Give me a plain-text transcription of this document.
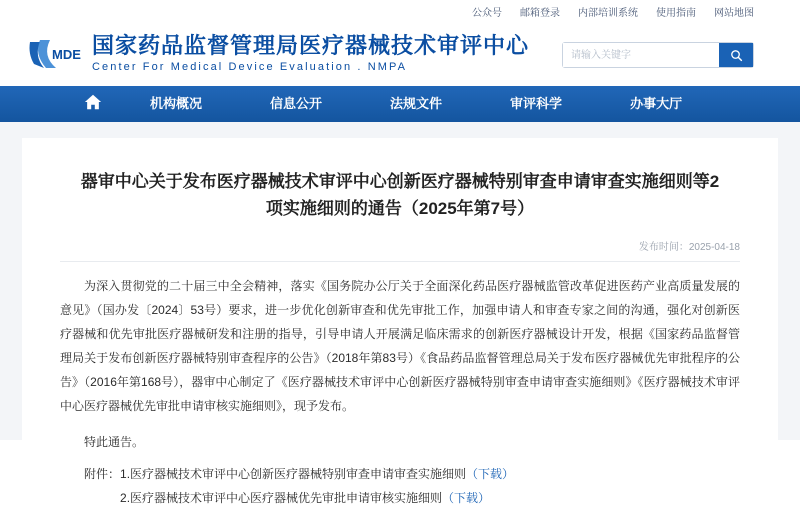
公众号 邮箱登录 内部培训系统 使用指南 网站地图
MDE 国家药品监督管理局医疗器械技术审评中心
Center For Medical Device Evaluation . NMPA
请输入关键字
机构概况	信息公开	法规文件	审评科学	办事大厅
器审中心关于发布医疗器械技术审评中心创新医疗器械特别审查申请审查实施细则等2项实施细则的通告（2025年第7号）
发布时间：2025-04-18
为深入贯彻党的二十届三中全会精神，落实《国务院办公厅关于全面深化药品医疗器械监管改革促进医药产业高质量发展的意见》（国办发〔2024〕53号）要求，进一步优化创新审查和优先审批工作，加强申请人和审查专家之间的沟通，强化对创新医疗器械和优先审批医疗器械研发和注册的指导，引导申请人开展满足临床需求的创新医疗器械设计开发，根据《国家药品监督管理局关于发布创新医疗器械特别审查程序的公告》（2018年第83号）《食品药品监督管理总局关于发布医疗器械优先审批程序的公告》（2016年第168号），器审中心制定了《医疗器械技术审评中心创新医疗器械特别审查申请审查实施细则》《医疗器械技术审评中心医疗器械优先审批申请审核实施细则》，现予发布。
特此通告。
附件：1.医疗器械技术审评中心创新医疗器械特别审查申请审查实施细则（下载）
2.医疗器械技术审评中心医疗器械优先审批申请审核实施细则（下载）
